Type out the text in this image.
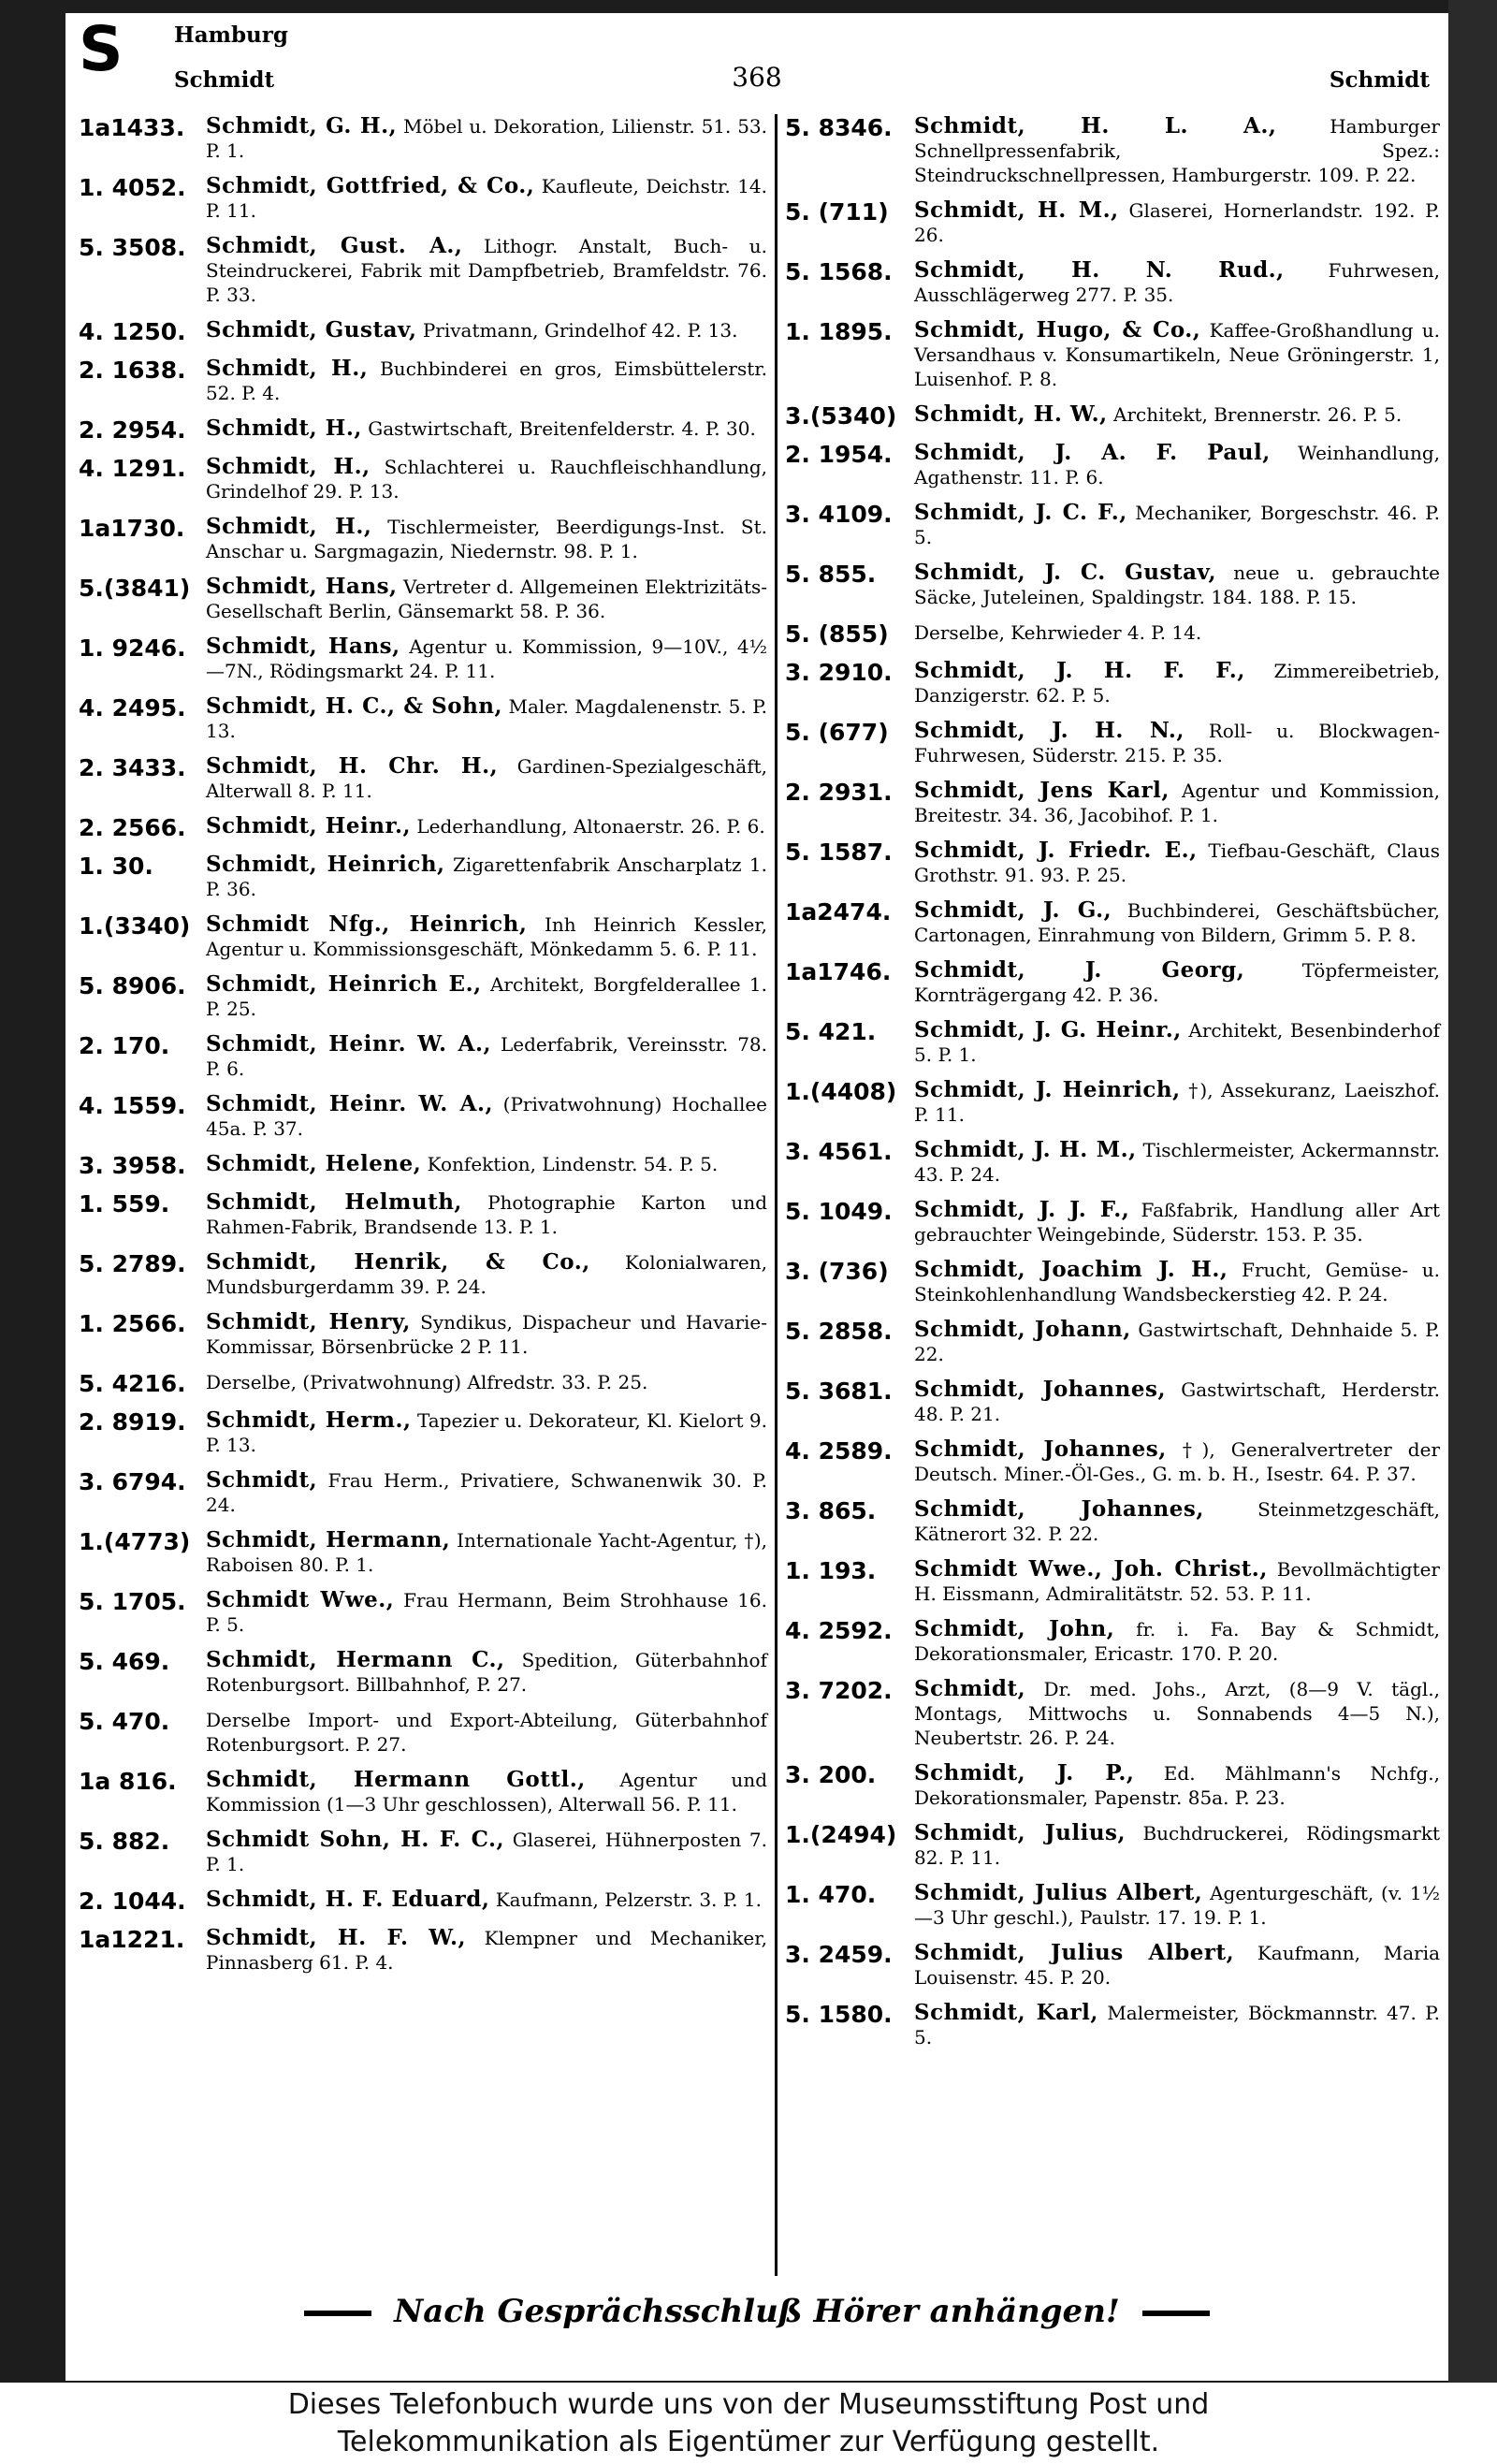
S Hamburg
Schmidt	368	Schmidt
1a1433. Schmidt, G. H., Möbel u. Dekoration, Lilienstr. 51. 53. P. 1.
1. 4052. Schmidt, Gottfried, & Co., Kaufleute, Deichstr. 14. P. 11.
5. 3508. Schmidt, Gust. A., Lithogr. Anstalt, Buch- u. Steindruckerei, Fabrik mit Dampfbetrieb, Bramfeldstr. 76. P. 33.
4. 1250. Schmidt, Gustav, Privatmann, Grindelhof 42. P. 13.
2. 1638. Schmidt, H., Buchbinderei en gros, Eimsbüttelerstr. 52. P. 4.
2. 2954. Schmidt, H., Gastwirtschaft, Breitenfelderstr. 4. P. 30.
4. 1291. Schmidt, H., Schlachterei u. Rauchfleischhandlung, Grindelhof 29. P. 13.
1a1730. Schmidt, H., Tischlermeister, Beerdigungs-Inst. St. Anschar u. Sargmagazin, Niedernstr. 98. P. 1.
5.(3841) Schmidt, Hans, Vertreter d. Allgemeinen Elektrizitäts-Gesellschaft Berlin, Gänsemarkt 58. P. 36.
1. 9246. Schmidt, Hans, Agentur u. Kommission, 9—10V., 4½—7N., Rödingsmarkt 24. P. 11.
4. 2495. Schmidt, H. C., & Sohn, Maler. Magdalenenstr. 5. P. 13.
2. 3433. Schmidt, H. Chr. H., Gardinen-Spezialgeschäft, Alterwall 8. P. 11.
2. 2566. Schmidt, Heinr., Lederhandlung, Altonaerstr. 26. P. 6.
1. 30.	Schmidt, Heinrich, Zigarettenfabrik Anscharplatz 1. P. 36.
1.(3340) Schmidt Nfg., Heinrich, Inh Heinrich Kessler, Agentur u. Kommissionsgeschäft, Mönkedamm 5. 6. P. 11.
5. 8906. Schmidt, Heinrich E., Architekt, Borgfelderallee 1. P. 25.
2. 170.	Schmidt, Heinr. W. A., Lederfabrik, Vereinsstr. 78. P. 6.
4. 1559. Schmidt, Heinr. W. A., (Privatwohnung) Hochallee 45a. P. 37.
3. 3958. Schmidt, Helene, Konfektion, Lindenstr. 54. P. 5.
1. 559.	Schmidt, Helmuth, Photographie Karton und Rahmen-Fabrik, Brandsende 13. P. 1.
5. 2789. Schmidt, Henrik, & Co., Kolonialwaren, Mundsburgerdamm 39. P. 24.
1. 2566. Schmidt, Henry, Syndikus, Dispacheur und Havarie-Kommissar, Börsenbrücke 2 P. 11.
5. 4216.	Derselbe, (Privatwohnung) Alfredstr. 33. P. 25.
2. 8919. Schmidt, Herm., Tapezier u. Dekorateur, Kl. Kielort 9. P. 13.
3. 6794. Schmidt, Frau Herm., Privatiere, Schwanenwik 30. P. 24.
1.(4773) Schmidt, Hermann, Internationale Yacht-Agentur, †), Raboisen 80. P. 1.
5. 1705. Schmidt Wwe., Frau Hermann, Beim Strohhause 16. P. 5.
5. 469.	Schmidt, Hermann C., Spedition, Güterbahnhof Rotenburgsort. Billbahnhof, P. 27.
5. 470.	Derselbe Import- und Export-Abteilung, Güterbahnhof Rotenburgsort. P. 27.
1a 816.	Schmidt, Hermann Gottl., Agentur und Kommission (1—3 Uhr geschlossen), Alterwall 56. P. 11.
5. 882.	Schmidt Sohn, H. F. C., Glaserei, Hühnerposten 7. P. 1.
2. 1044. Schmidt, H. F. Eduard, Kaufmann, Pelzerstr. 3. P. 1.
1a1221. Schmidt, H. F. W., Klempner und Mechaniker, Pinnasberg 61. P. 4.
5. 8346.	Schmidt, H. L. A.,	Hamburger Schnellpressenfabrik, Spez.: Steindruckschnellpressen, Hamburgerstr. 109. P. 22.
5. (711)	Schmidt, H. M., Glaserei, Hornerlandstr. 192. P. 26.
5. 1568.	Schmidt, H. N. Rud., Fuhrwesen, Ausschlägerweg 277. P. 35.
1. 1895.	Schmidt, Hugo, & Co., Kaffee-Großhandlung u. Versandhaus v. Konsumartikeln, Neue Gröningerstr. 1, Luisenhof. P. 8.
3.(5340) Schmidt, H. W., Architekt, Brennerstr. 26. P. 5.
2. 1954.	Schmidt, J. A. F. Paul, Weinhandlung, Agathenstr. 11. P. 6.
3. 4109.	Schmidt, J. C. F., Mechaniker, Borgeschstr. 46. P. 5.
5. 855.	Schmidt, J. C. Gustav, neue u. gebrauchte Säcke, Juteleinen, Spaldingstr. 184. 188. P. 15.
5. (855)	Derselbe, Kehrwieder 4. P. 14.
3. 2910.	Schmidt, J. H. F. F., Zimmereibetrieb, Danzigerstr. 62. P. 5.
5. (677)	Schmidt, J. H. N., Roll- u. Blockwagen-Fuhrwesen, Süderstr. 215. P. 35.
2. 2931.	Schmidt, Jens Karl, Agentur und Kommission, Breitestr. 34. 36, Jacobihof. P. 1.
5. 1587.	Schmidt, J. Friedr. E., Tiefbau-Geschäft, Claus Grothstr. 91. 93. P. 25.
1a2474.	Schmidt, J. G., Buchbinderei, Geschäftsbücher, Cartonagen, Einrahmung von Bildern, Grimm 5. P. 8.
1a1746.	Schmidt, J. Georg,	Töpfermeister, Kornträgergang 42. P. 36.
5. 421.	Schmidt, J. G. Heinr., Architekt, Besenbinderhof 5. P. 1.
1.(4408) Schmidt, J. Heinrich, †), Assekuranz, Laeiszhof. P. 11.
3. 4561.	Schmidt, J. H. M., Tischlermeister, Ackermannstr. 43. P. 24.
5. 1049.	Schmidt, J. J. F., Faßfabrik, Handlung aller Art gebrauchter Weingebinde, Süderstr. 153. P. 35.
3. (736)	Schmidt, Joachim J. H., Frucht, Gemüse- u. Steinkohlenhandlung Wandsbeckerstieg 42. P. 24.
5. 2858.	Schmidt, Johann, Gastwirtschaft, Dehnhaide 5. P. 22.
5. 3681.	Schmidt, Johannes, Gastwirtschaft, Herderstr. 48. P. 21.
4. 2589.	Schmidt, Johannes, †), Generalvertreter der Deutsch. Miner.-Öl-Ges., G. m. b. H., Isestr. 64. P. 37.
3. 865.	Schmidt, Johannes,	Steinmetzgeschäft, Kätnerort 32. P. 22.
1. 193.	Schmidt Wwe., Joh. Christ., Bevollmächtigter H. Eissmann, Admiralitätstr. 52. 53. P. 11.
4. 2592.	Schmidt, John, fr. i. Fa. Bay & Schmidt, Dekorationsmaler, Ericastr. 170. P. 20.
3. 7202.	Schmidt, Dr. med. Johs., Arzt, (8—9 V. tägl., Montags, Mittwochs u. Sonnabends 4—5 N.), Neubertstr. 26. P. 24.
3. 200.	Schmidt, J. P., Ed. Mählmann's Nchfg., Dekorationsmaler, Papenstr. 85a. P. 23.
1.(2494) Schmidt, Julius, Buchdruckerei, Rödingsmarkt 82. P. 11.
1. 470.	Schmidt, Julius Albert, Agenturgeschäft, (v. 1½—3 Uhr geschl.), Paulstr. 17. 19. P. 1.
3. 2459.	Schmidt, Julius Albert, Kaufmann, Maria Louisenstr. 45. P. 20.
5. 1580.	Schmidt, Karl, Malermeister, Böckmannstr. 47. P. 5.
Nach Gesprächsschluß Hörer anhängen!
Dieses Telefonbuch wurde uns von der Museumsstiftung Post und
Telekommunikation als Eigentümer zur Verfügung gestellt.
